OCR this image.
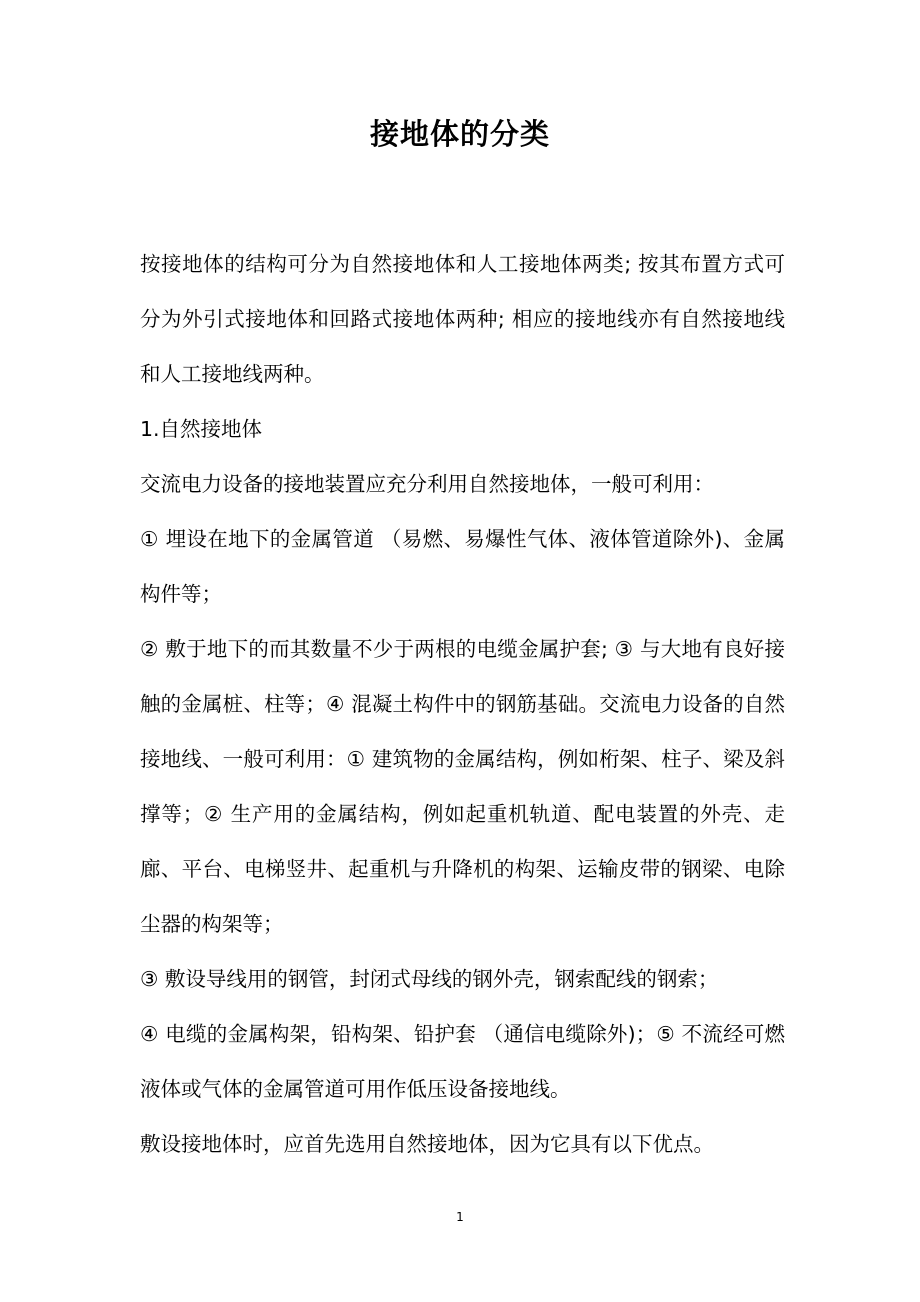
接地体的分类

按接地体的结构可分为自然接地体和人工接地体两类; 按其布置方式可分为外引式接地体和回路式接地体两种; 相应的接地线亦有自然接地线和人工接地线两种。

1.自然接地体

交流电力设备的接地装置应充分利用自然接地体，一般可利用：

① 埋设在地下的金属管道 （易燃、易爆性气体、液体管道除外)、金属构件等；

② 敷于地下的而其数量不少于两根的电缆金属护套; ③ 与大地有良好接触的金属桩、柱等；④ 混凝土构件中的钢筋基础。交流电力设备的自然接地线、一般可利用：① 建筑物的金属结构，例如桁架、柱子、梁及斜撑等；② 生产用的金属结构，例如起重机轨道、配电装置的外壳、走廊、平台、电梯竖井、起重机与升降机的构架、运输皮带的钢梁、电除尘器的构架等；

③ 敷设导线用的钢管，封闭式母线的钢外壳，钢索配线的钢索；

④ 电缆的金属构架，铅构架、铅护套 （通信电缆除外)；⑤ 不流经可燃液体或气体的金属管道可用作低压设备接地线。

敷设接地体时，应首先选用自然接地体，因为它具有以下优点。

1
